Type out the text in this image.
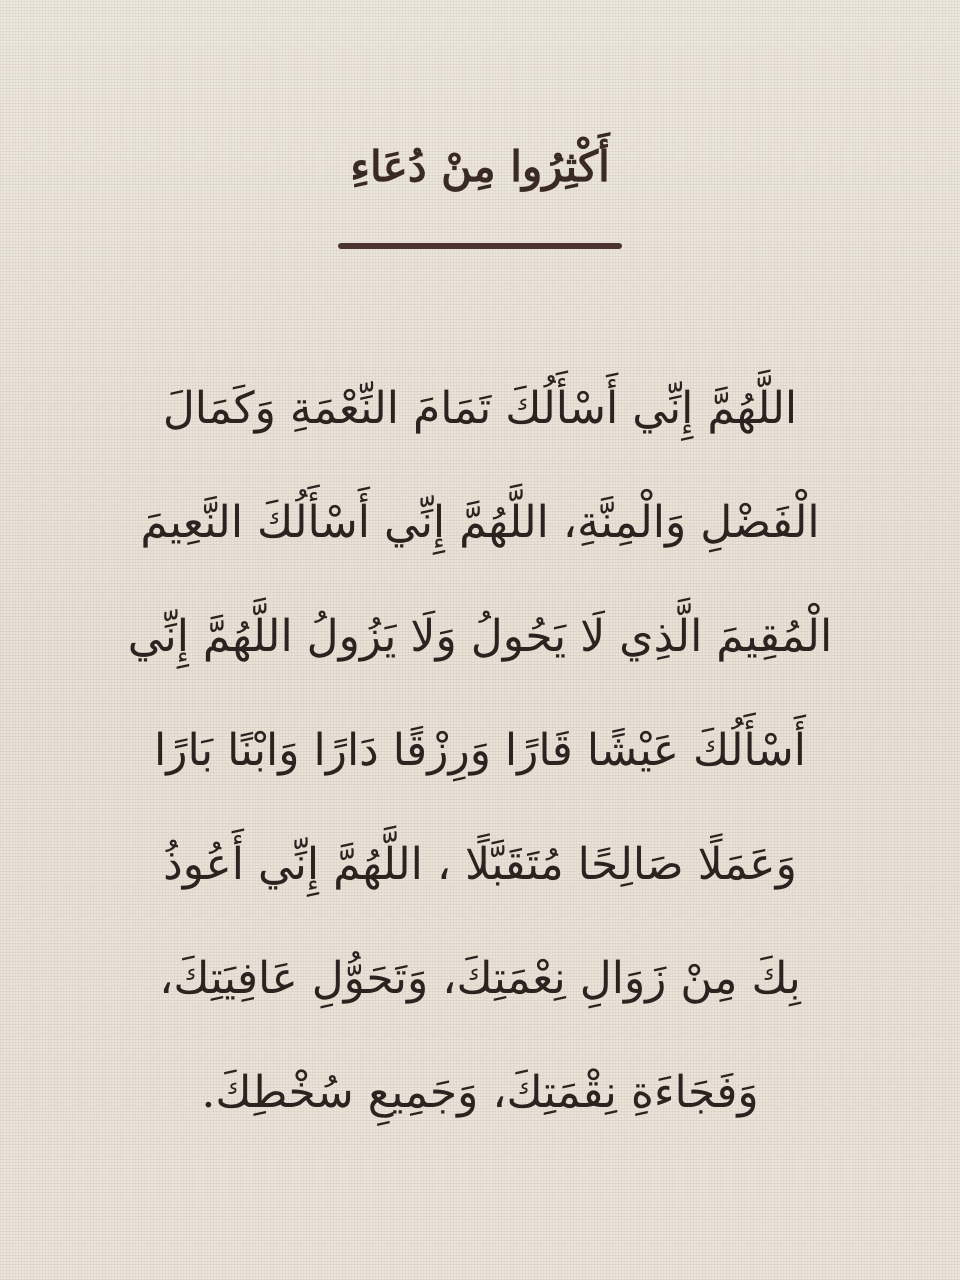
أَكْثِرُوا مِنْ دُعَاءِ
اللَّهُمَّ إِنِّي أَسْأَلُكَ تَمَامَ النِّعْمَةِ وَكَمَالَ
الْفَضْلِ وَالْمِنَّةِ، اللَّهُمَّ إِنِّي أَسْأَلُكَ النَّعِيمَ
الْمُقِيمَ الَّذِي لَا يَحُولُ وَلَا يَزُولُ اللَّهُمَّ إِنِّي
أَسْأَلُكَ عَيْشًا قَارًا وَرِزْقًا دَارًا وَابْنًا بَارًا
وَعَمَلًا صَالِحًا مُتَقَبَّلًا ، اللَّهُمَّ إِنِّي أَعُوذُ
بِكَ مِنْ زَوَالِ نِعْمَتِكَ، وَتَحَوُّلِ عَافِيَتِكَ،
وَفَجَاءَةِ نِقْمَتِكَ، وَجَمِيعِ سُخْطِكَ.
